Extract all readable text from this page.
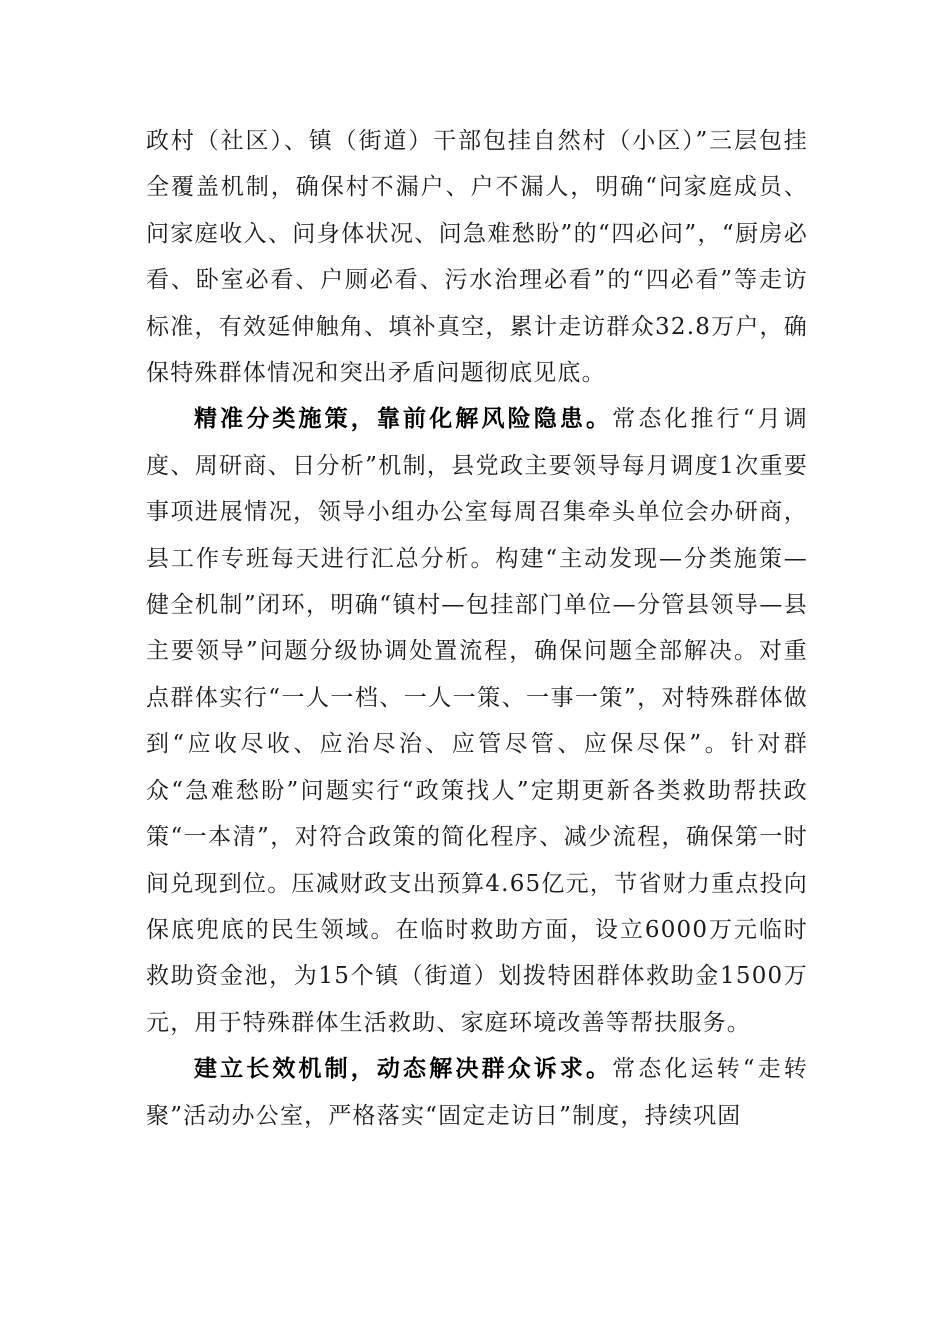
政村（社区）、镇（街道）干部包挂自然村（小区）”三层包挂全覆盖机制，确保村不漏户、户不漏人，明确“问家庭成员、问家庭收入、问身体状况、问急难愁盼”的“四必问”，“厨房必看、卧室必看、户厕必看、污水治理必看”的“四必看”等走访标准，有效延伸触角、填补真空，累计走访群众32.8万户，确保特殊群体情况和突出矛盾问题彻底见底。

精准分类施策，靠前化解风险隐患。常态化推行“月调度、周研商、日分析”机制，县党政主要领导每月调度1次重要事项进展情况，领导小组办公室每周召集牵头单位会办研商，县工作专班每天进行汇总分析。构建“主动发现—分类施策—健全机制”闭环，明确“镇村—包挂部门单位—分管县领导—县主要领导”问题分级协调处置流程，确保问题全部解决。对重点群体实行“一人一档、一人一策、一事一策”，对特殊群体做到“应收尽收、应治尽治、应管尽管、应保尽保”。针对群众“急难愁盼”问题实行“政策找人”定期更新各类救助帮扶政策“一本清”，对符合政策的简化程序、减少流程，确保第一时间兑现到位。压减财政支出预算4.65亿元，节省财力重点投向保底兜底的民生领域。在临时救助方面，设立6000万元临时救助资金池，为15个镇（街道）划拨特困群体救助金1500万元，用于特殊群体生活救助、家庭环境改善等帮扶服务。

建立长效机制，动态解决群众诉求。常态化运转“走转聚”活动办公室，严格落实“固定走访日”制度，持续巩固
